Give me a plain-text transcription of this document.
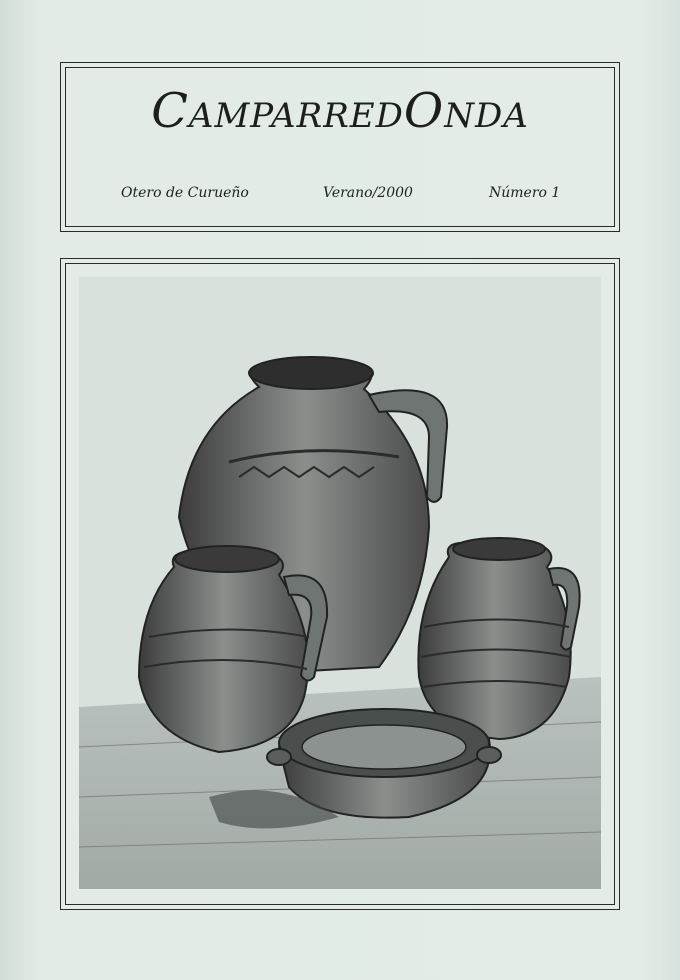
CamparredOnda
Otero de Curueño	Verano/2000	Número 1
